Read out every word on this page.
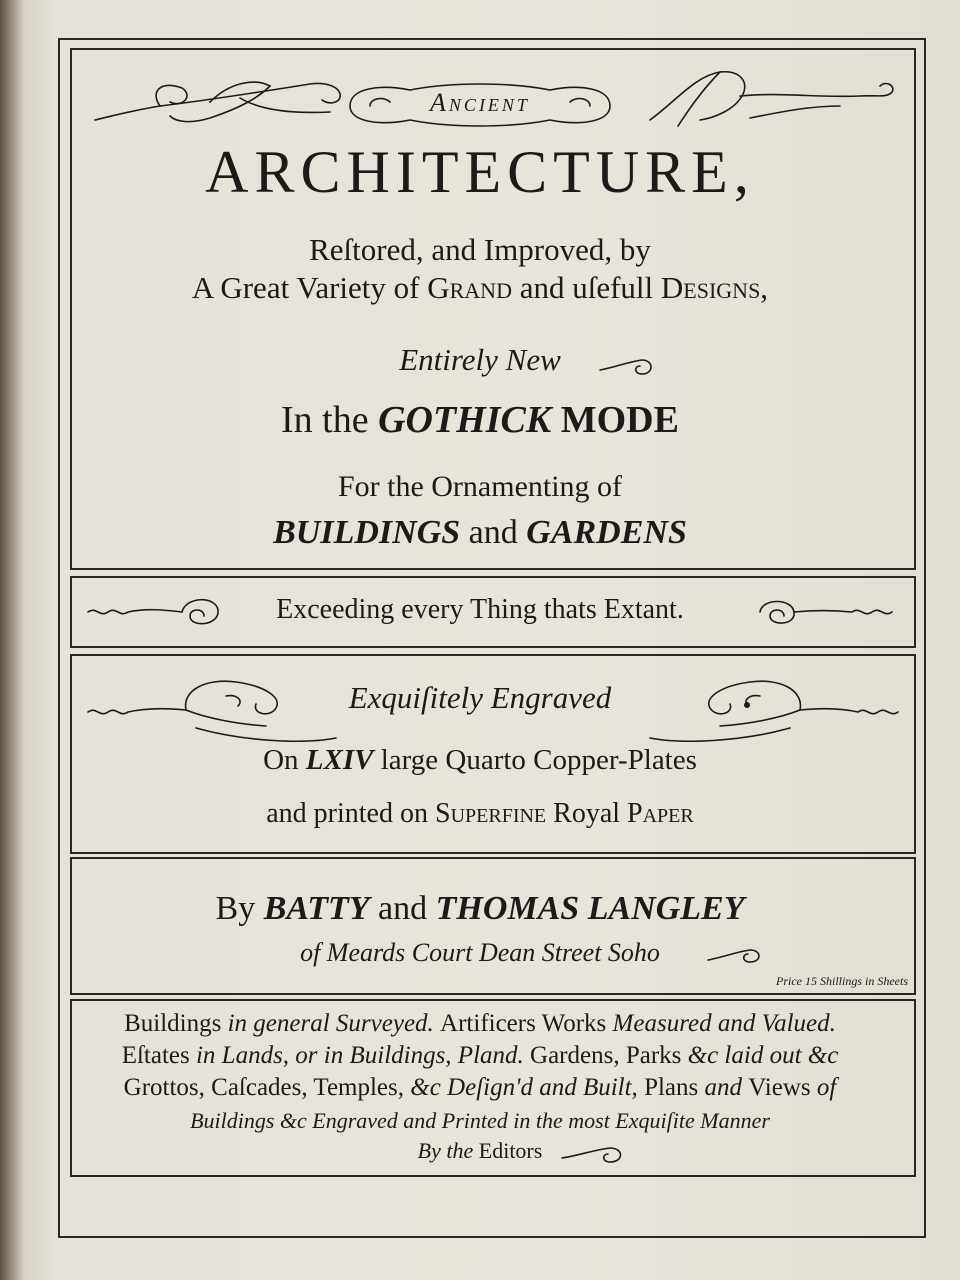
Ancient
ARCHITECTURE,
Reſtored, and Improved, by
A Great Variety of Grand and uſefull Designs,
Entirely New
In the GOTHICK MODE
For the Ornamenting of
BUILDINGS and GARDENS
Exceeding every Thing thats Extant.
Exquiſitely Engraved
On LXIV large Quarto Copper-Plates
and printed on Superfine Royal Paper
By BATTY and THOMAS LANGLEY
of Meards Court Dean Street Soho
Price 15 Shillings in Sheets
Buildings in general Surveyed. Artificers Works Measured and Valued.
Eſtates in Lands, or in Buildings, Pland. Gardens, Parks &c laid out &c
Grottos, Caſcades, Temples, &c Deſign'd and Built, Plans and Views of
Buildings &c Engraved and Printed in the most Exquiſite Manner
By the Editors
